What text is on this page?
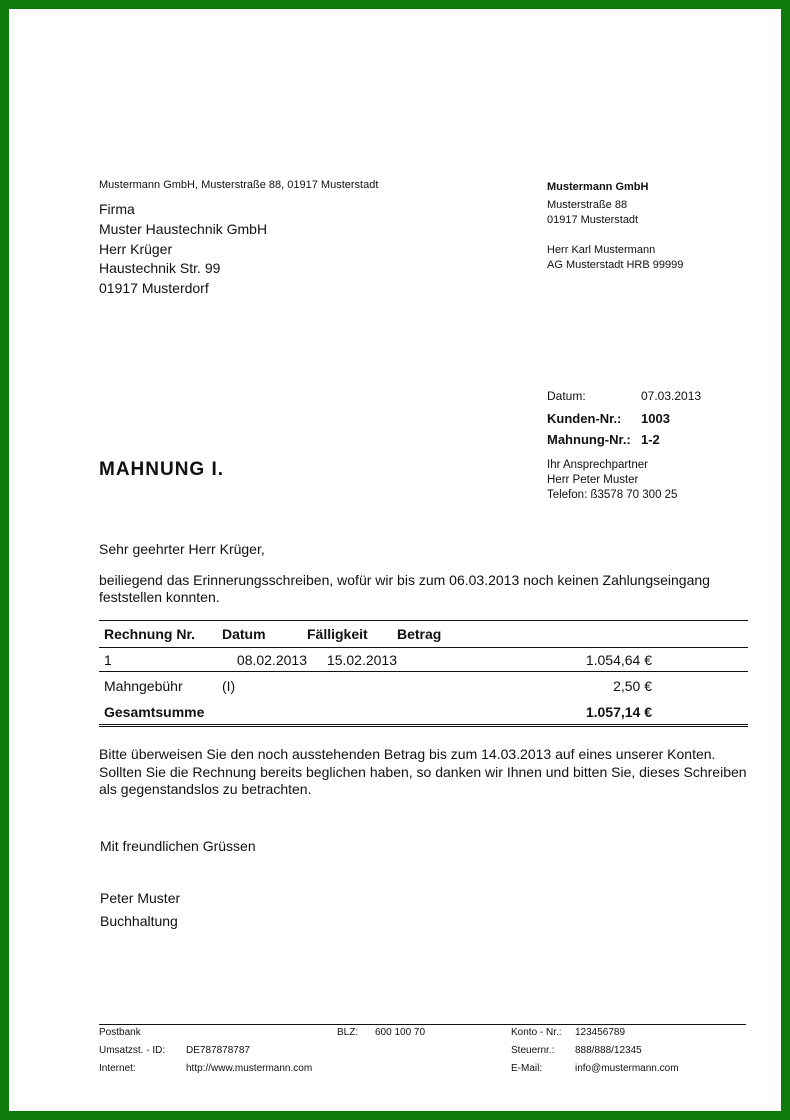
Mustermann GmbH, Musterstraße 88, 01917 Musterstadt
Firma
Muster Haustechnik GmbH
Herr Krüger
Haustechnik Str. 99
01917 Musterdorf
Mustermann GmbH
Musterstraße 88
01917 Musterstadt
Herr Karl Mustermann
AG Musterstadt HRB 99999
Datum:	07.03.2013
Kunden-Nr.:	1003
Mahnung-Nr.: 1-2
Ihr Ansprechpartner
Herr Peter Muster
Telefon: ß3578 70 300 25
MAHNUNG I.
Sehr geehrter Herr Krüger,
beiliegend das Erinnerungsschreiben, wofür wir bis zum 06.03.2013 noch keinen Zahlungseingang feststellen konnten.
Rechnung Nr.	Datum	Fälligkeit	Betrag	
1	08.02.2013	15.02.2013	1.054,64 €	
Mahngebühr	(I)		2,50 €	
Gesamtsumme			1.057,14 €	
Bitte überweisen Sie den noch ausstehenden Betrag bis zum 14.03.2013 auf eines unserer Konten. Sollten Sie die Rechnung bereits beglichen haben, so danken wir Ihnen und bitten Sie, dieses Schreiben als gegenstandslos zu betrachten.
Mit freundlichen Grüssen
Peter Muster
Buchhaltung
Postbank	BLZ: 600 100 70	Konto - Nr.: 123456789
Umsatzst. - ID: DE787878787	Steuernr.: 888/888/12345
Internet:	http://www.mustermann.com	E-Mail:	info@mustermann.com
